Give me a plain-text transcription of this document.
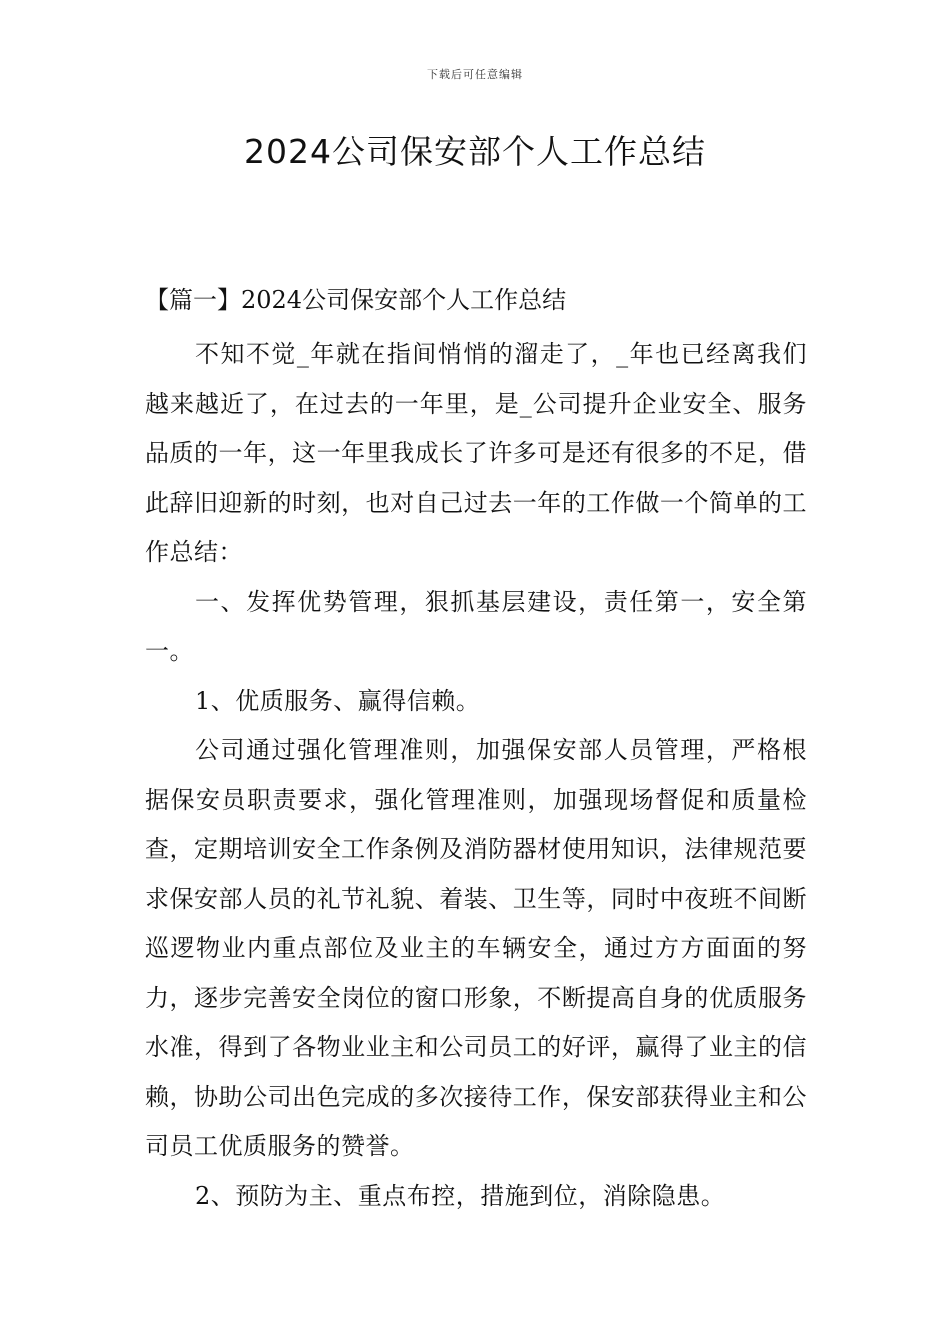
下载后可任意编辑
2024公司保安部个人工作总结

【篇一】2024公司保安部个人工作总结

不知不觉_年就在指间悄悄的溜走了，_年也已经离我们越来越近了，在过去的一年里，是_公司提升企业安全、服务品质的一年，这一年里我成长了许多可是还有很多的不足，借此辞旧迎新的时刻，也对自己过去一年的工作做一个简单的工作总结：

一、发挥优势管理，狠抓基层建设，责任第一，安全第一。

1、优质服务、赢得信赖。

公司通过强化管理准则，加强保安部人员管理，严格根据保安员职责要求，强化管理准则，加强现场督促和质量检查，定期培训安全工作条例及消防器材使用知识，法律规范要求保安部人员的礼节礼貌、着装、卫生等，同时中夜班不间断巡逻物业内重点部位及业主的车辆安全，通过方方面面的努力，逐步完善安全岗位的窗口形象，不断提高自身的优质服务水准，得到了各物业业主和公司员工的好评，赢得了业主的信赖，协助公司出色完成的多次接待工作，保安部获得业主和公司员工优质服务的赞誉。

2、预防为主、重点布控，措施到位，消除隐患。
